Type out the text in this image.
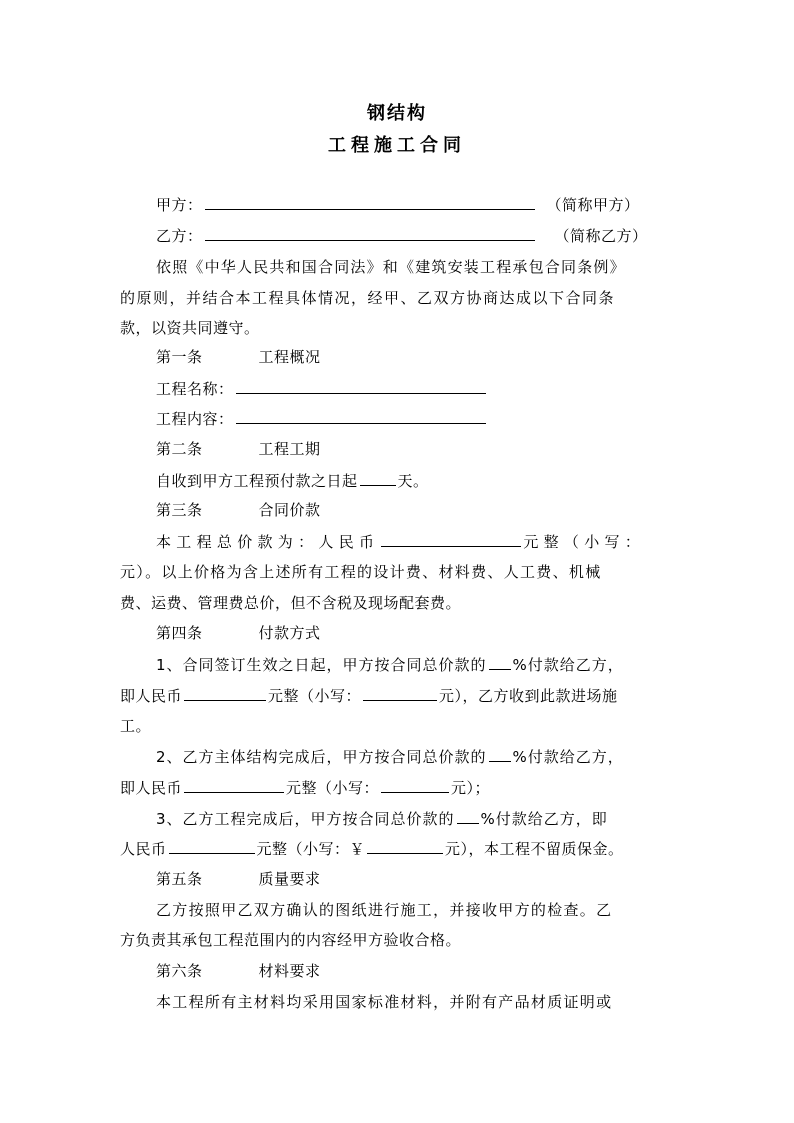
钢结构
工程施工合同
甲方：	（简称甲方）
乙方：	（简称乙方）
依照《中华人民共和国合同法》和《建筑安装工程承包合同条例》
的原则，并结合本工程具体情况，经甲、乙双方协商达成以下合同条
款，以资共同遵守。
第一条	工程概况
工程名称：
工程内容：
第二条	工程工期
自收到甲方工程预付款之日起	天。
第三条	合同价款
本工程总价款为：人民币	元整（小写：
元）。以上价格为含上述所有工程的设计费、材料费、人工费、机械
费、运费、管理费总价，但不含税及现场配套费。
第四条	付款方式
1、合同签订生效之日起，甲方按合同总价款的 %付款给乙方，
即人民币	元整（小写：	元），乙方收到此款进场施
工。
2、乙方主体结构完成后，甲方按合同总价款的 %付款给乙方，
即人民币	元整（小写：	元）；
3、乙方工程完成后，甲方按合同总价款的 %付款给乙方，即
人民币	元整（小写：￥	元），本工程不留质保金。
第五条	质量要求
乙方按照甲乙双方确认的图纸进行施工，并接收甲方的检查。乙
方负责其承包工程范围内的内容经甲方验收合格。
第六条	材料要求
本工程所有主材料均采用国家标准材料，并附有产品材质证明或
